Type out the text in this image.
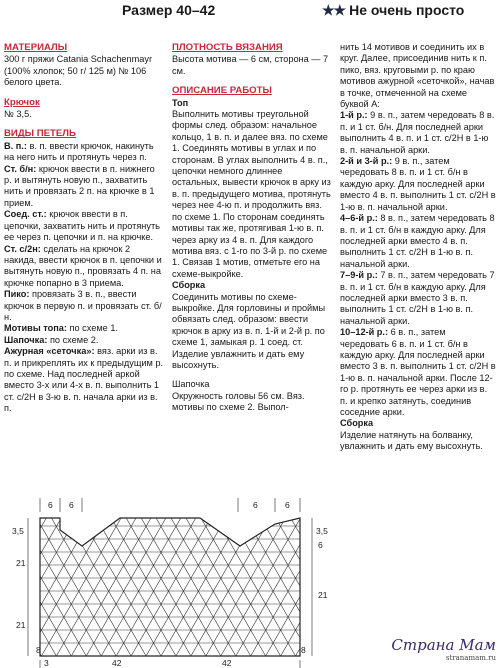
Размер 40–42	★★ Не очень просто
МАТЕРИАЛЫ

300 г пряжи Catania Schachenmayr (100% хлопок; 50 г/ 125 м) № 106 белого цвета.

Крючок

№ 3,5.

ВИДЫ ПЕТЕЛЬ

В. п.: в. п. ввести крючок, накинуть на него нить и протянуть через п.

Ст. б/н: крючок ввести в п. нижнего р. и вытянуть новую п., захватить нить и провязать 2 п. на крючке в 1 прием.

Соед. ст.: крючок ввести в п. цепочки, захватить нить и протянуть ее через п. цепочки и п. на крючке.

Ст. с/2н: сделать на крючок 2 накида, ввести крючок в п. цепочки и вытянуть новую п., провязать 4 п. на крючке попарно в 3 приема.

Пико: провязать 3 в. п., ввести крючок в первую п. и провязать ст. б/н.

Мотивы топа: по схеме 1.

Шапочка: по схеме 2.

Ажурная «сеточка»: вяз. арки из в. п. и прикреплять их к предыдущим р. по схеме. Над последней аркой вместо 3-х или 4-х в. п. выполнить 1 ст. с/2Н в 3-ю в. п. начала арки из в. п.

ПЛОТНОСТЬ ВЯЗАНИЯ

Высота мотива — 6 см, сторона — 7 см.

ОПИСАНИЕ РАБОТЫ

Топ

Выполнить мотивы треугольной формы след. образом: начальное кольцо, 1 в. п. и далее вяз. по схеме 1. Соединять мотивы в углах и по сторонам. В углах выполнить 4 в. п., цепочки немного длиннее остальных, вывести крючок в арку из в. п. предыдущего мотива, протянуть через нее 4-ю п. и продолжить вяз. по схеме 1. По сторонам соединять мотивы так же, протягивая 1-ю в. п. через арку из 4 в. п. Для каждого мотива вяз. с 1-го по 3-й р. по схеме 1. Связав 1 мотив, отметьте его на схеме-выкройке.

Сборка

Соединить мотивы по схеме-выкройке. Для горловины и проймы обвязать след. образом: ввести крючок в арку из в. п. 1-й и 2-й р. по схеме 1, замыкая р. 1 соед. ст. Изделие увлажнить и дать ему высохнуть.

Шапочка

Окружность головы 56 см. Вяз. мотивы по схеме 2. Выпол-

нить 14 мотивов и соединить их в круг. Далее, присоединив нить к п. пико, вяз. круговыми р. по краю мотивов ажурной «сеточкой», начав в точке, отмеченной на схеме буквой А:

1-й р.: 9 в. п., затем чередовать 8 в. п. и 1 ст. б/н. Для последней арки выполнить 4 в. п. и 1 ст. с/2Н в 1-ю в. п. начальной арки.

2-й и 3-й р.: 9 в. п., затем чередовать 8 в. п. и 1 ст. б/н в каждую арку. Для последней арки вместо 4 в. п. выполнить 1 ст. с/2Н в 1-ю в. п. начальной арки.

4–6-й р.: 8 в. п., затем чередовать 8 в. п. и 1 ст. б/н в каждую арку. Для последней арки вместо 4 в. п. выполнить 1 ст. с/2Н в 1-ю в. п. начальной арки.

7–9-й р.: 7 в. п., затем чередовать 7 в. п. и 1 ст. б/н в каждую арку. Для последней арки вместо 3 в. п. выполнить 1 ст. с/2Н в 1-ю в. п. начальной арки.

10–12-й р.: 6 в. п., затем чередовать 6 в. п. и 1 ст. б/н в каждую арку. Для последней арки вместо 3 в. п. выполнить 1 ст. с/2Н в 1-ю в. п. начальной арки. После 12-го р. протянуть ее через арки из в. п. и крепко затянуть, соединив соседние арки.

Сборка

Изделие натянуть на болванку, увлажнить и дать ему высохнуть.

6 6	6	6
3,5
21
21
3,5
6
21
3	42	42
8	8	Страна Мам
stranamam.ru
